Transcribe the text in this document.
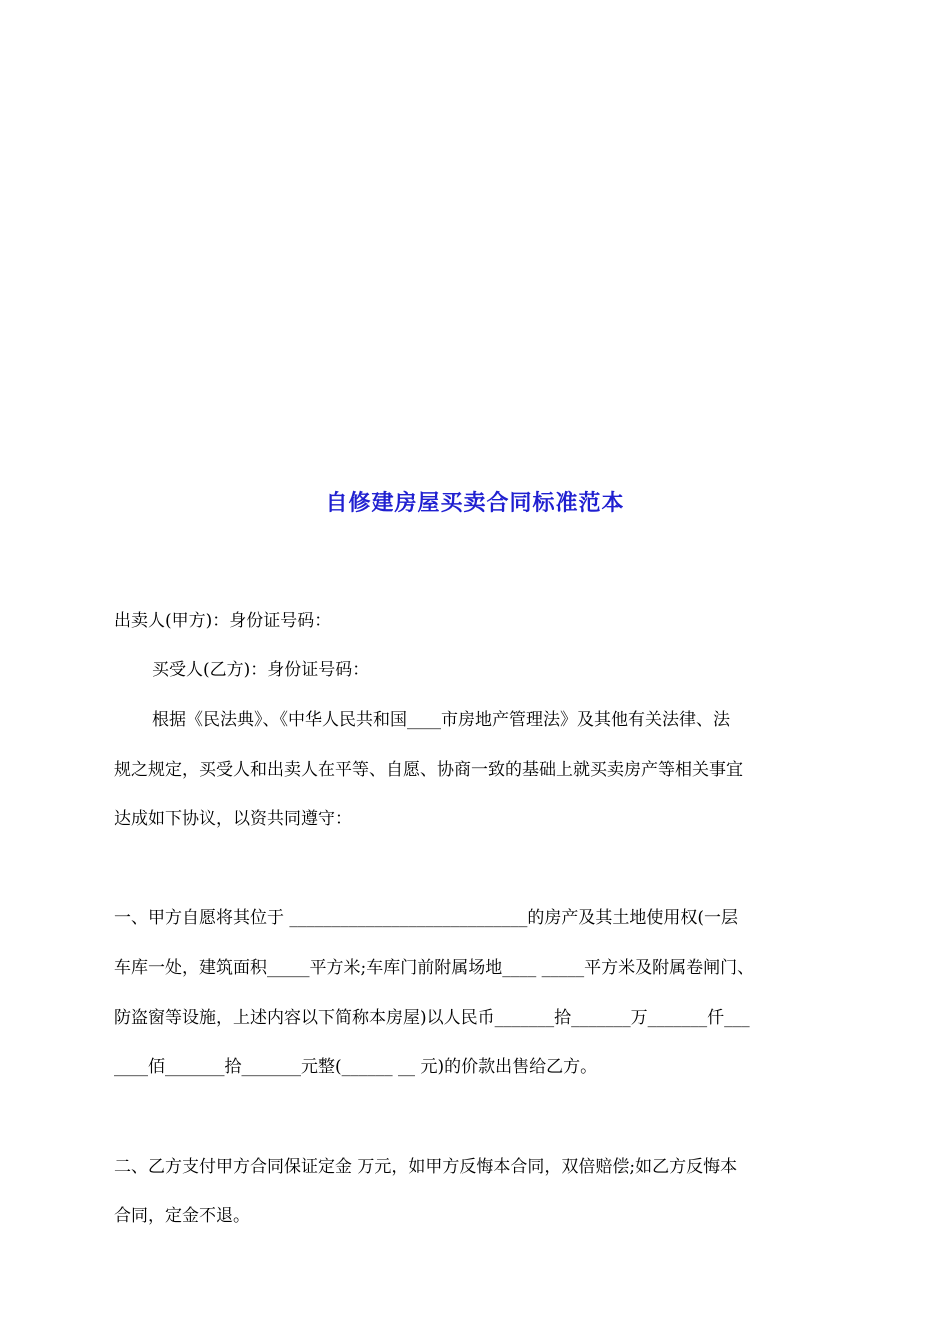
自修建房屋买卖合同标准范本
出卖人(甲方)：身份证号码：
买受人(乙方)：身份证号码：
根据《民法典》、《中华人民共和国____市房地产管理法》及其他有关法律、法
规之规定，买受人和出卖人在平等、自愿、协商一致的基础上就买卖房产等相关事宜
达成如下协议，以资共同遵守：
一、甲方自愿将其位于 ____________________________的房产及其土地使用权(一层
车库一处，建筑面积_____平方米;车库门前附属场地____ _____平方米及附属卷闸门、
防盗窗等设施，上述内容以下简称本房屋)以人民币_______拾_______万_______仟___
____佰_______拾_______元整(______ __ 元)的价款出售给乙方。
二、乙方支付甲方合同保证定金 万元，如甲方反悔本合同，双倍赔偿;如乙方反悔本
合同，定金不退。
